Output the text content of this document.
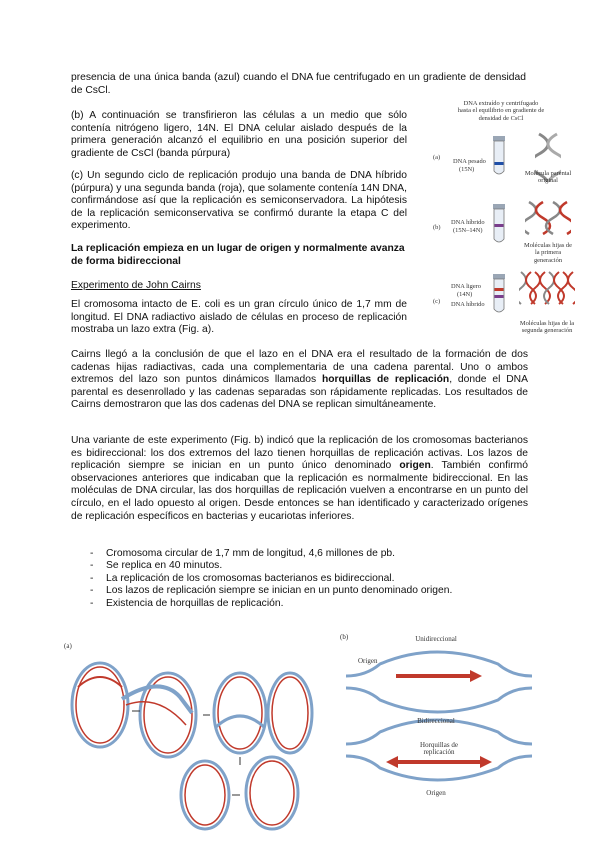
presencia de una única banda (azul) cuando el DNA fue centrifugado en un gradiente de densidad de CsCl.
(b) A continuación se transfirieron las células a un medio que sólo contenía nitrógeno ligero, 14N. El DNA celular aislado después de la primera generación alcanzó el equilibrio en una posición superior del gradiente de CsCl (banda púrpura)
(c) Un segundo ciclo de replicación produjo una banda de DNA híbrido (púrpura) y una segunda banda (roja), que solamente contenía 14N DNA, confirmándose así que la replicación es semiconservadora. La hipótesis de la replicación semiconservativa se confirmó durante la etapa C del experimento.
La replicación empieza en un lugar de origen y normalmente avanza de forma bidireccional
Experimento de John Cairns
El cromosoma intacto de E. coli es un gran círculo único de 1,7 mm de longitud. El DNA radiactivo aislado de células en proceso de replicación mostraba un lazo extra (Fig. a).
Cairns llegó a la conclusión de que el lazo en el DNA era el resultado de la formación de dos cadenas hijas radiactivas, cada una complementaria de una cadena parental. Uno o ambos extremos del lazo son puntos dinámicos llamados horquillas de replicación, donde el DNA parental es desenrollado y las cadenas separadas son rápidamente replicadas. Los resultados de Cairns demostraron que las dos cadenas del DNA se replican simultáneamente.
Una variante de este experimento (Fig. b) indicó que la replicación de los cromosomas bacterianos es bidireccional: los dos extremos del lazo tienen horquillas de replicación activas. Los lazos de replicación siempre se inician en un punto único denominado origen. También confirmó observaciones anteriores que indicaban que la replicación es normalmente bidireccional. En las moléculas de DNA circular, las dos horquillas de replicación vuelven a encontrarse en un punto del círculo, en el lado opuesto al origen. Desde entonces se han identificado y caracterizado orígenes de replicación específicos en bacterias y eucariotas inferiores.
- Cromosoma circular de 1,7 mm de longitud, 4,6 millones de pb.
- Se replica en 40 minutos.
- La replicación de los cromosomas bacterianos es bidireccional.
- Los lazos de replicación siempre se inician en un punto denominado origen.
- Existencia de horquillas de replicación.
DNA extraído y centrifugado hasta el equilibrio en gradiente de densidad de CsCl
(a)
DNA pesado
(15N)
Molécula parental original
(b)
DNA híbrido
(15N–14N)
Moléculas hijas de la primera generación
(c)
DNA ligero
(14N)
DNA híbrido
Moléculas hijas de la segunda generación
(a)
(b)	Unidireccional
Origen
Bidireccional
Horquillas de replicación
Origen
